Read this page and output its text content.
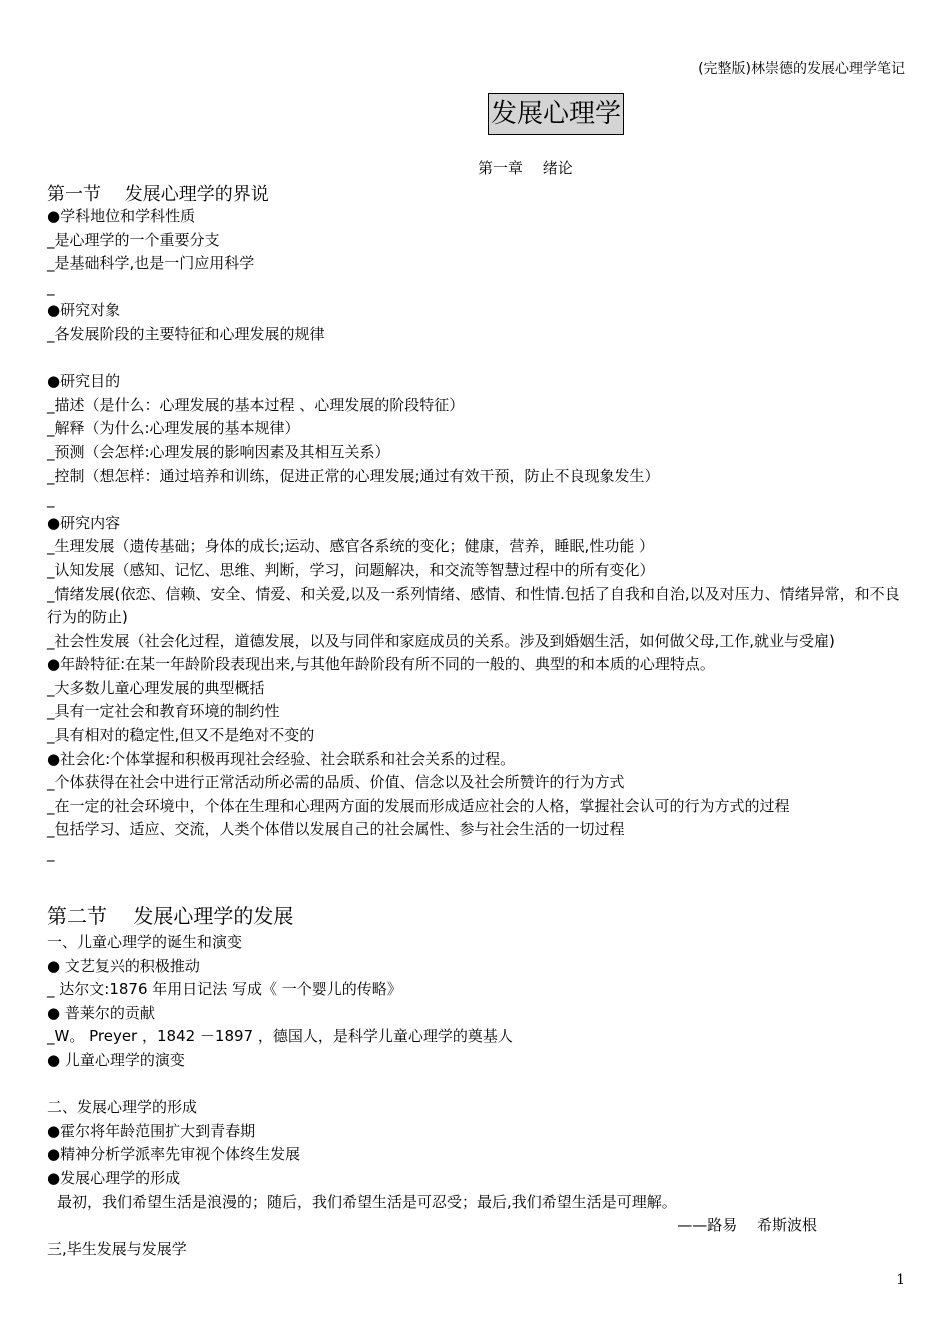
(完整版)林崇德的发展心理学笔记
发展心理学
第一章　 绪论
第一节　 发展心理学的界说
●学科地位和学科性质
_是心理学的一个重要分支
_是基础科学,也是一门应用科学
_
●研究对象
_各发展阶段的主要特征和心理发展的规律
●研究目的
_描述（是什么：心理发展的基本过程 、心理发展的阶段特征）
_解释（为什么:心理发展的基本规律）
_预测（会怎样:心理发展的影响因素及其相互关系）
_控制（想怎样：通过培养和训练，促进正常的心理发展;通过有效干预，防止不良现象发生）
_
●研究内容
_生理发展（遗传基础；身体的成长;运动、感官各系统的变化；健康，营养，睡眠,性功能 ）
_认知发展（感知、记忆、思维、判断，学习，问题解决，和交流等智慧过程中的所有变化）
_情绪发展(依恋、信赖、安全、情爱、和关爱,以及一系列情绪、感情、和性情.包括了自我和自治,以及对压力、情绪异常，和不良行为的防止)
_社会性发展（社会化过程，道德发展，以及与同伴和家庭成员的关系。涉及到婚姻生活，如何做父母,工作,就业与受雇)
●年龄特征:在某一年龄阶段表现出来,与其他年龄阶段有所不同的一般的、典型的和本质的心理特点。
_大多数儿童心理发展的典型概括
_具有一定社会和教育环境的制约性
_具有相对的稳定性,但又不是绝对不变的
●社会化:个体掌握和积极再现社会经验、社会联系和社会关系的过程。
_个体获得在社会中进行正常活动所必需的品质、价值、信念以及社会所赞许的行为方式
_在一定的社会环境中，个体在生理和心理两方面的发展而形成适应社会的人格，掌握社会认可的行为方式的过程
_包括学习、适应、交流，人类个体借以发展自己的社会属性、参与社会生活的一切过程
_
第二节　 发展心理学的发展
一、儿童心理学的诞生和演变
● 文艺复兴的积极推动
_ 达尔文:1876 年用日记法 写成《 一个婴儿的传略》
● 普莱尔的贡献
_W。 Preyer ，1842 －1897 ，德国人，是科学儿童心理学的奠基人
● 儿童心理学的演变
二、发展心理学的形成
●霍尔将年龄范围扩大到青春期
●精神分析学派率先审视个体终生发展
●发展心理学的形成
最初，我们希望生活是浪漫的；随后，我们希望生活是可忍受；最后,我们希望生活是可理解。
——路易　 希斯波根
三,毕生发展与发展学
1
